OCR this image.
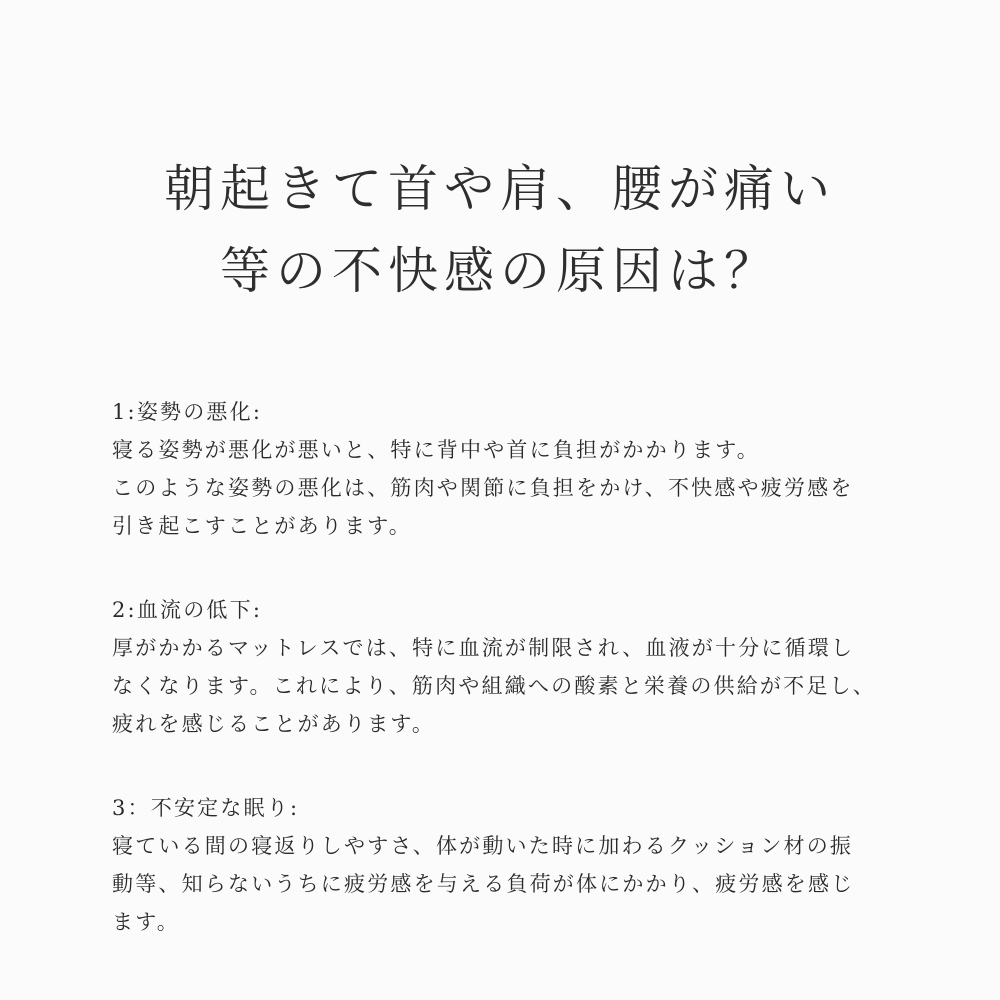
朝起きて首や肩、腰が痛い
等の不快感の原因は？

1:姿勢の悪化:

寝る姿勢が悪化が悪いと、特に背中や首に負担がかかります。

このような姿勢の悪化は、筋肉や関節に負担をかけ、不快感や疲労感を

引き起こすことがあります。

2:血流の低下:

厚がかかるマットレスでは、特に血流が制限され、血液が十分に循環し

なくなります。これにより、筋肉や組織への酸素と栄養の供給が不足し、

疲れを感じることがあります。

3：不安定な眠り:

寝ている間の寝返りしやすさ、体が動いた時に加わるクッション材の振

動等、知らないうちに疲労感を与える負荷が体にかかり、疲労感を感じ

ます。
